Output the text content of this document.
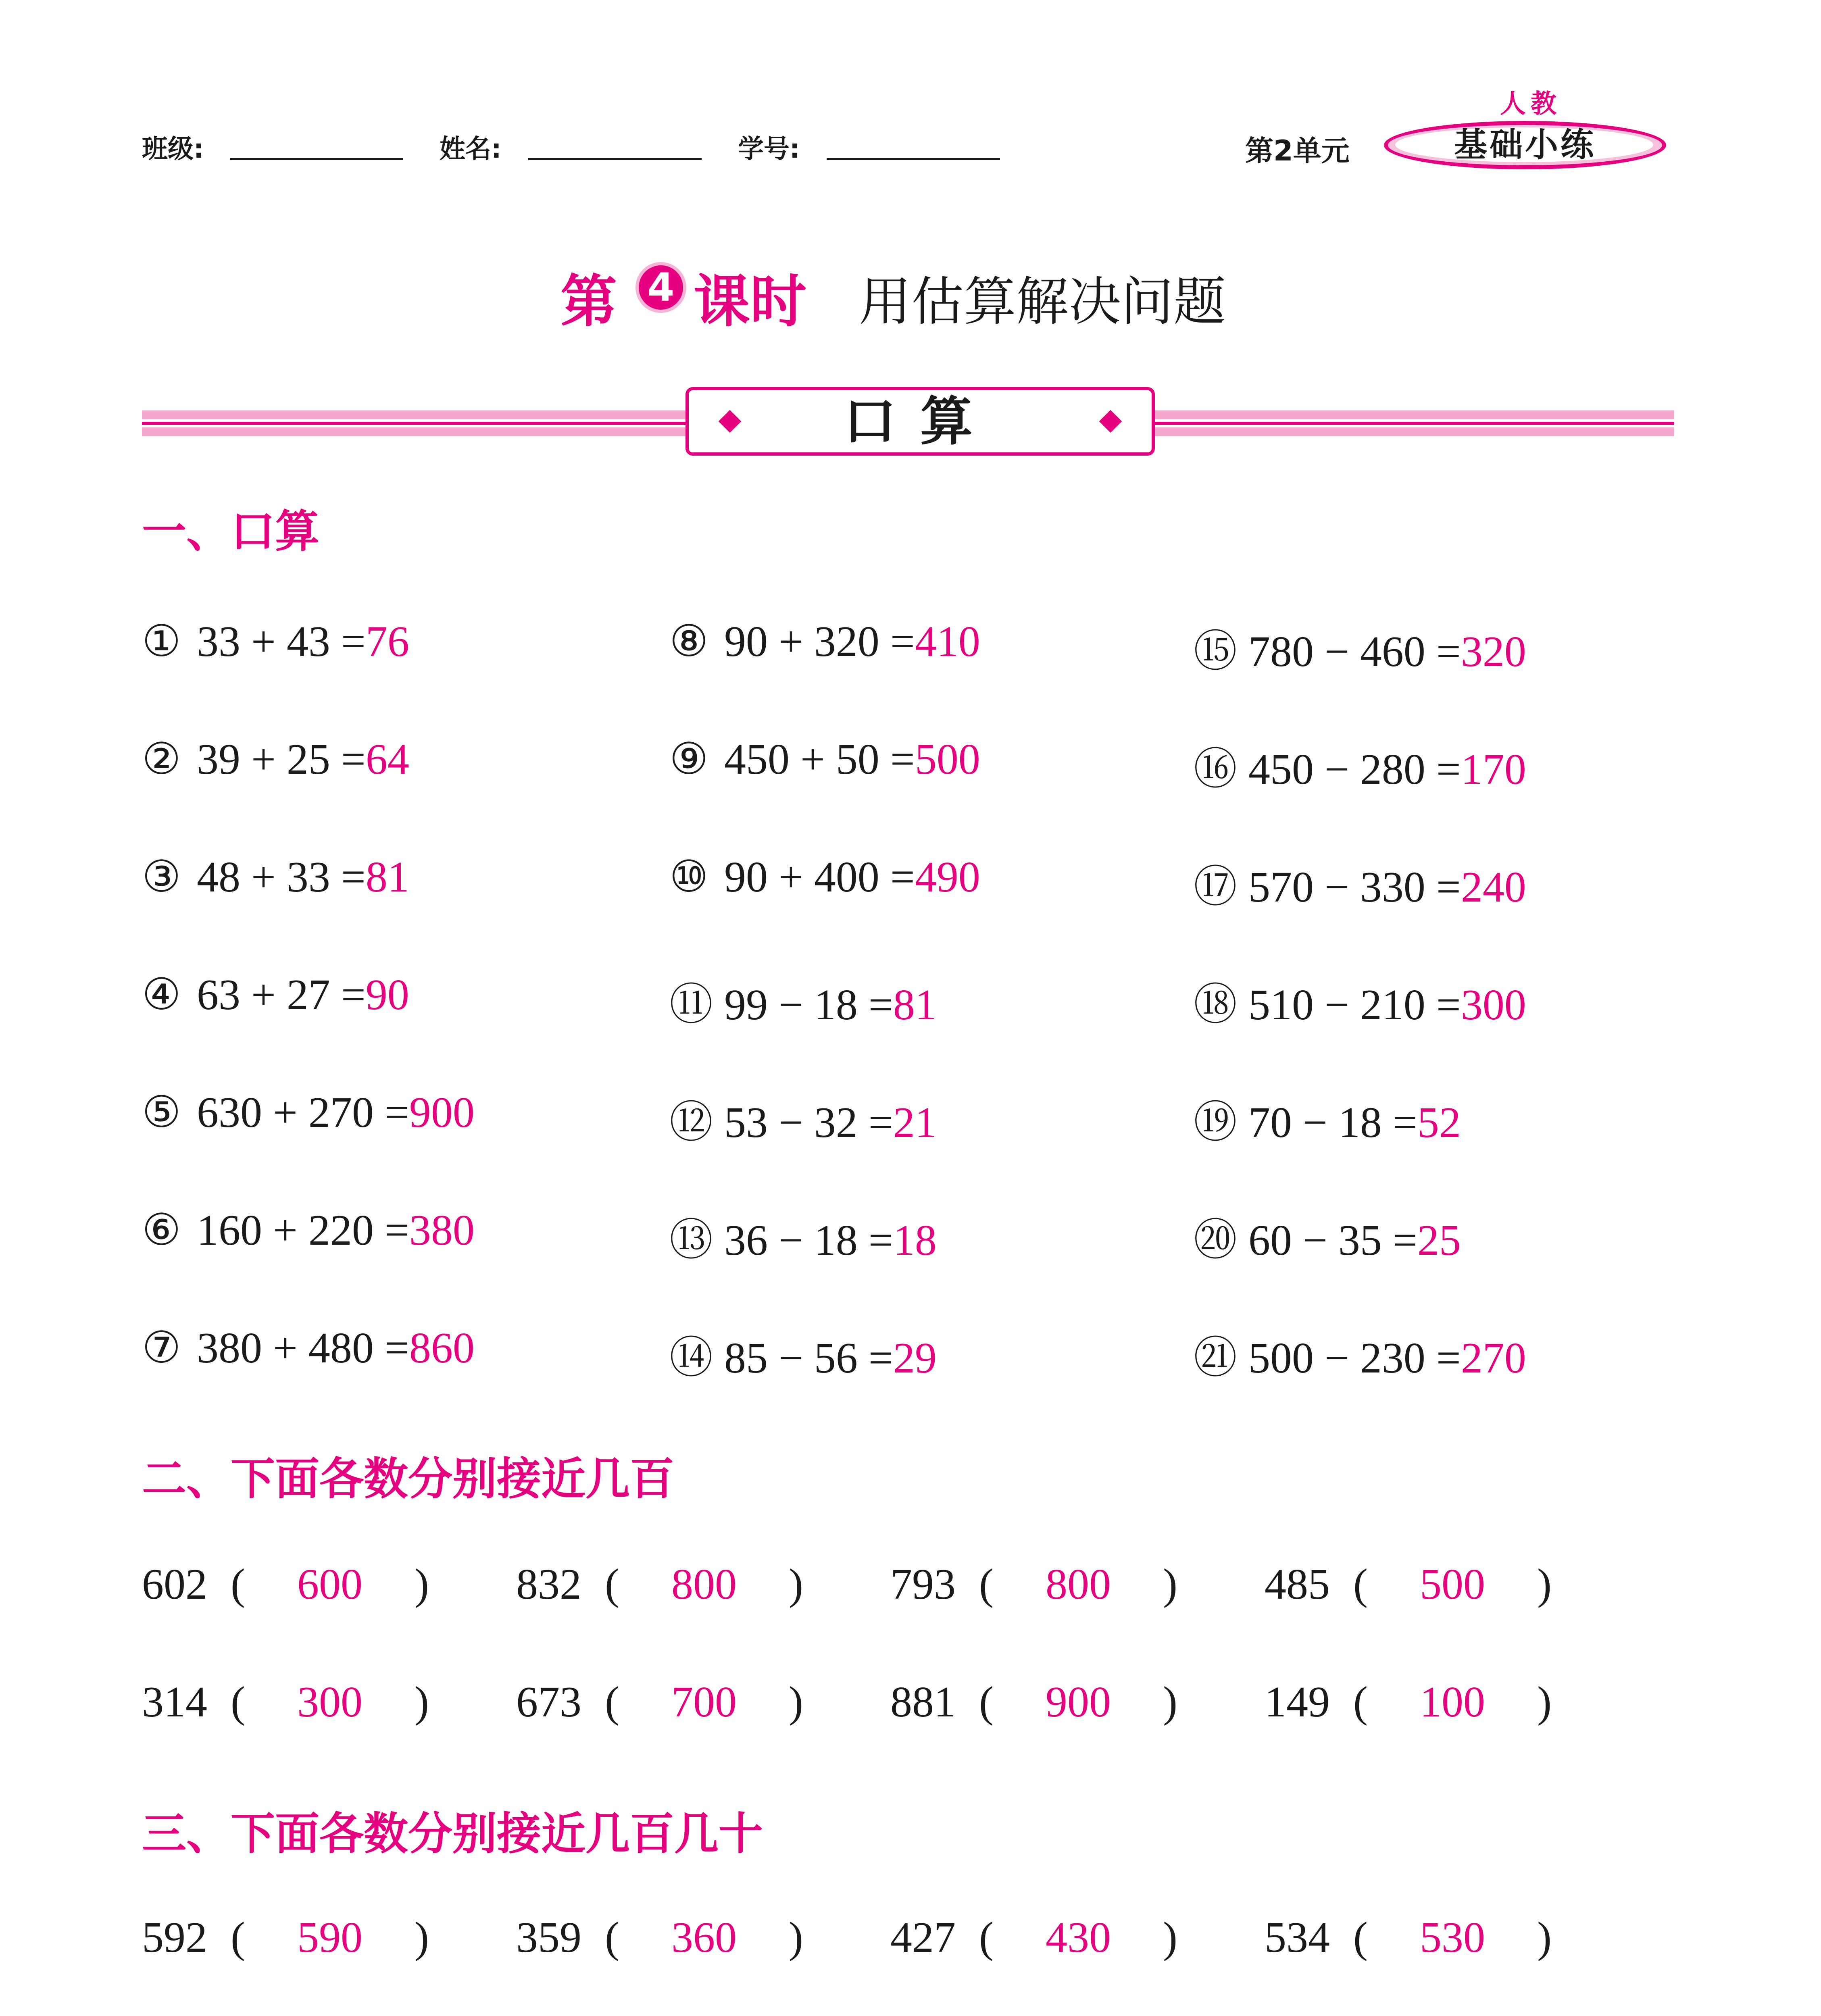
班级:	姓名:	学号:	第2单元	基础小练
人教
第 4 课时 用估算解决问题
口算
一、口算
① 33 + 43 =76
② 39 + 25 =64
③ 48 + 33 =81
④ 63 + 27 =90
⑤ 630 + 270 =900
⑥ 160 + 220 =380
⑦ 380 + 480 =860
⑧ 90 + 320 =410
⑨ 450 + 50 =500
⑩ 90 + 400 =490
⑪ 99 − 18 =81
⑫ 53 − 32 =21
⑬ 36 − 18 =18
⑭ 85 − 56 =29
⑮ 780 − 460 =320
⑯ 450 − 280 =170
⑰ 570 − 330 =240
⑱ 510 − 210 =300
⑲ 70 − 18 =52
⑳ 60 − 35 =25
㉑ 500 − 230 =270
二、下面各数分别接近几百
602 ( 600 ) 832 ( 800 ) 793 ( 800 ) 485 ( 500 )
314 ( 300 ) 673 ( 700 ) 881 ( 900 ) 149 ( 100 )
三、下面各数分别接近几百几十
592 ( 590 ) 359 ( 360 ) 427 ( 430 ) 534 ( 530 )
